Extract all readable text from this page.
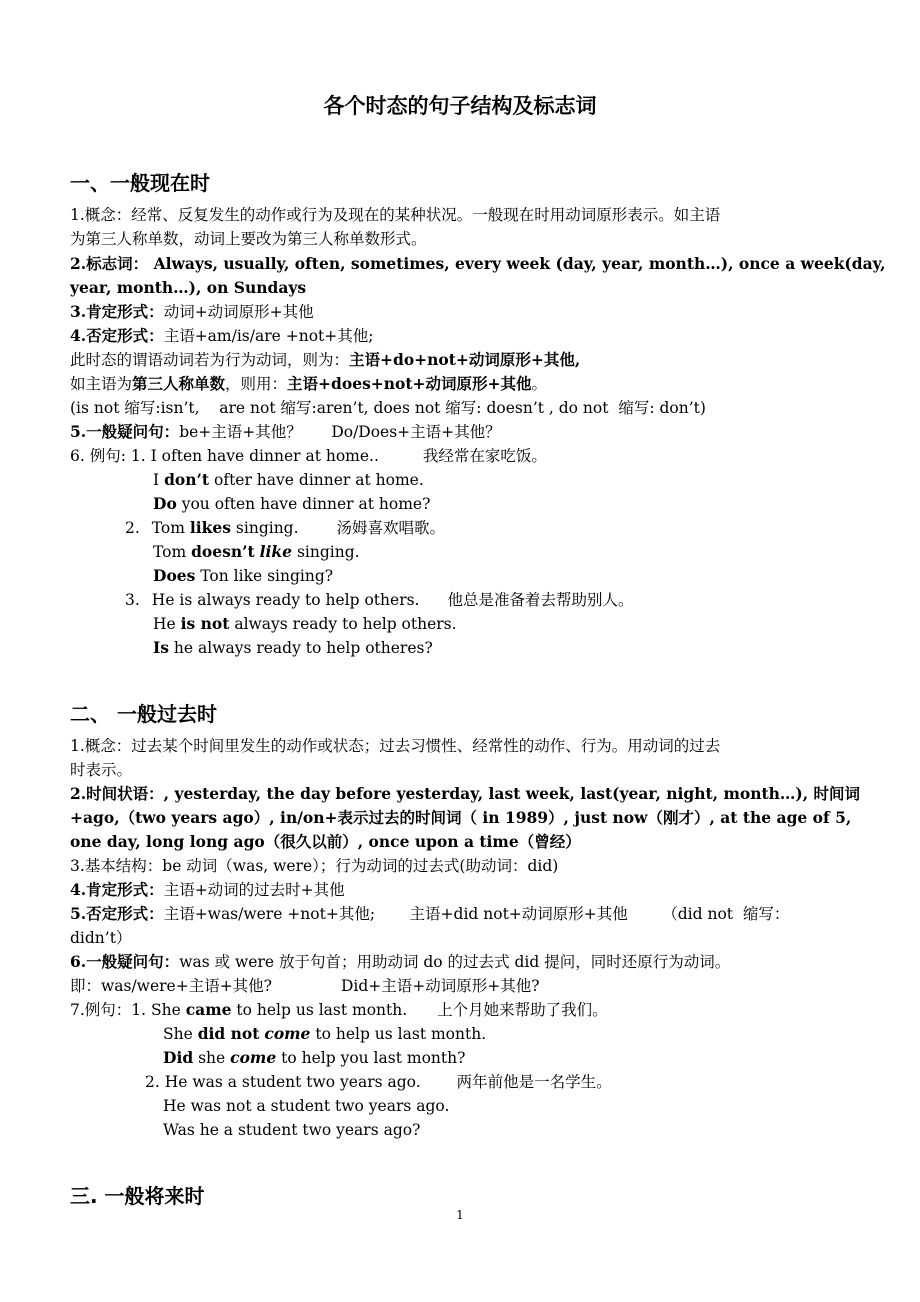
各个时态的句子结构及标志词
一、一般现在时
1.概念：经常、反复发生的动作或行为及现在的某种状况。一般现在时用动词原形表示。如主语
为第三人称单数，动词上要改为第三人称单数形式。
2.标志词： Always, usually, often, sometimes, every week (day, year, month…), once a week(day,
year, month…), on Sundays
3.肯定形式：动词+动词原形+其他
4.否定形式：主语+am/is/are +not+其他;
此时态的谓语动词若为行为动词，则为：主语+do+not+动词原形+其他,
如主语为第三人称单数，则用：主语+does+not+动词原形+其他。
(is not 缩写:isn’t,    are not 缩写:aren’t, does not 缩写: doesn’t , do not  缩写: don’t)
5.一般疑问句：be+主语+其他？      Do/Does+主语+其他？
6. 例句: 1. I often have dinner at home..	我经常在家吃饭。
I don’t ofter have dinner at home.
Do you often have dinner at home?
2. Tom likes singing. 汤姆喜欢唱歌。
Tom doesn’t like singing.
Does Ton like singing?
3. He is always ready to help others. 他总是准备着去帮助别人。
He is not always ready to help others.
Is he always ready to help otheres?
二、 一般过去时
1.概念：过去某个时间里发生的动作或状态；过去习惯性、经常性的动作、行为。用动词的过去
时表示。
2.时间状语：, yesterday, the day before yesterday, last week, last(year, night, month…), 时间词
+ago,（two years ago）, in/on+表示过去的时间词（ in 1989）, just now（刚才）, at the age of 5,
one day, long long ago（很久以前）, once upon a time（曾经）
3.基本结构：be 动词（was, were）；行为动词的过去式(助动词：did)
4.肯定形式：主语+动词的过去时+其他
5.否定形式：主语+was/were +not+其他;       主语+did not+动词原形+其他       （did not  缩写：
didn’t）
6.一般疑问句：was 或 were 放于句首；用助动词 do 的过去式 did 提问，同时还原行为动词。
即：was/were+主语+其他?              Did+主语+动词原形+其他?
7.例句：1. She came to help us last month. 上个月她来帮助了我们。
She did not come to help us last month.
Did she come to help you last month?
2. He was a student two years ago. 两年前他是一名学生。
He was not a student two years ago.
Was he a student two years ago?
三. 一般将来时
1
